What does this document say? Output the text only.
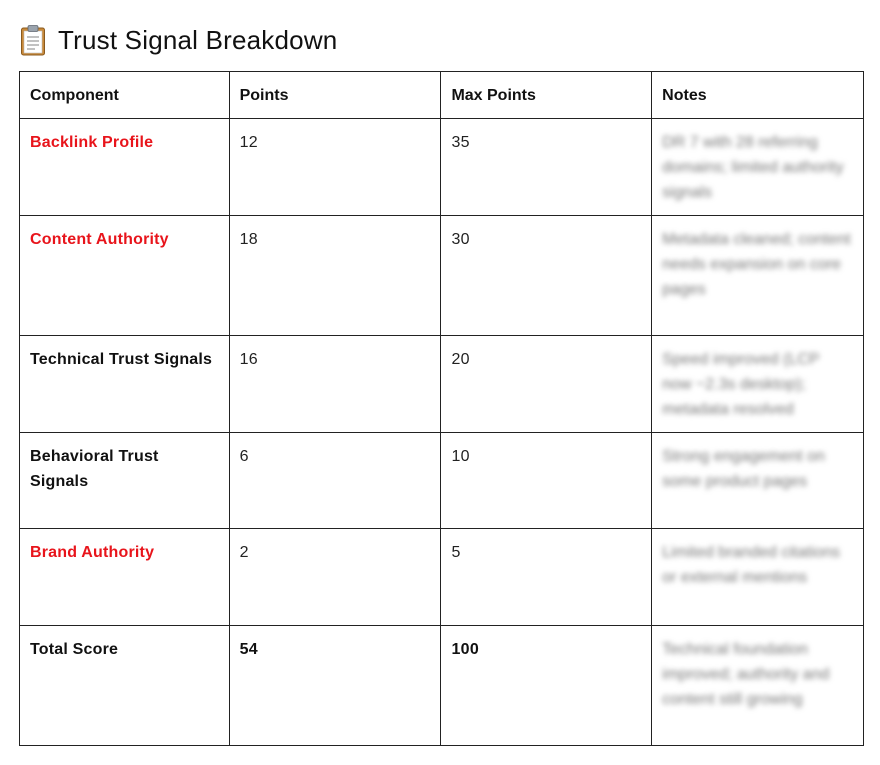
Trust Signal Breakdown
Component	Points	Max Points	Notes
Backlink Profile	12	35	DR 7 with 28 referring domains; limited authority signals
Content Authority	18	30	Metadata cleaned; content needs expansion on core pages
Technical Trust Signals	16	20	Speed improved (LCP now ~2.3s desktop); metadata resolved
Behavioral Trust Signals	6	10	Strong engagement on some product pages
Brand Authority	2	5	Limited branded citations or external mentions
Total Score	54	100	Technical foundation improved; authority and content still growing
